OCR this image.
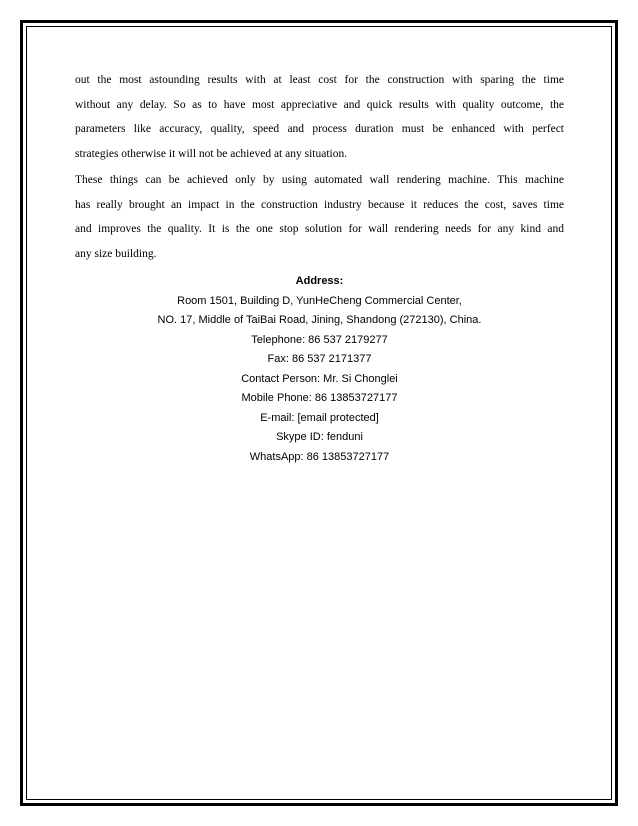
out the most astounding results with at least cost for the construction with sparing the time
without any delay. So as to have most appreciative and quick results with quality outcome, the
parameters like accuracy, quality, speed and process duration must be enhanced with perfect
strategies otherwise it will not be achieved at any situation.

These things can be achieved only by using automated wall rendering machine. This machine
has really brought an impact in the construction industry because it reduces the cost, saves time
and improves the quality. It is the one stop solution for wall rendering needs for any kind and
any size building.

Address:
Room 1501, Building D, YunHeCheng Commercial Center,
NO. 17, Middle of TaiBai Road, Jining, Shandong (272130), China.
Telephone: 86 537 2179277
Fax: 86 537 2171377
Contact Person: Mr. Si Chonglei
Mobile Phone: 86 13853727177
E-mail: [email protected]
Skype ID: fenduni
WhatsApp: 86 13853727177
